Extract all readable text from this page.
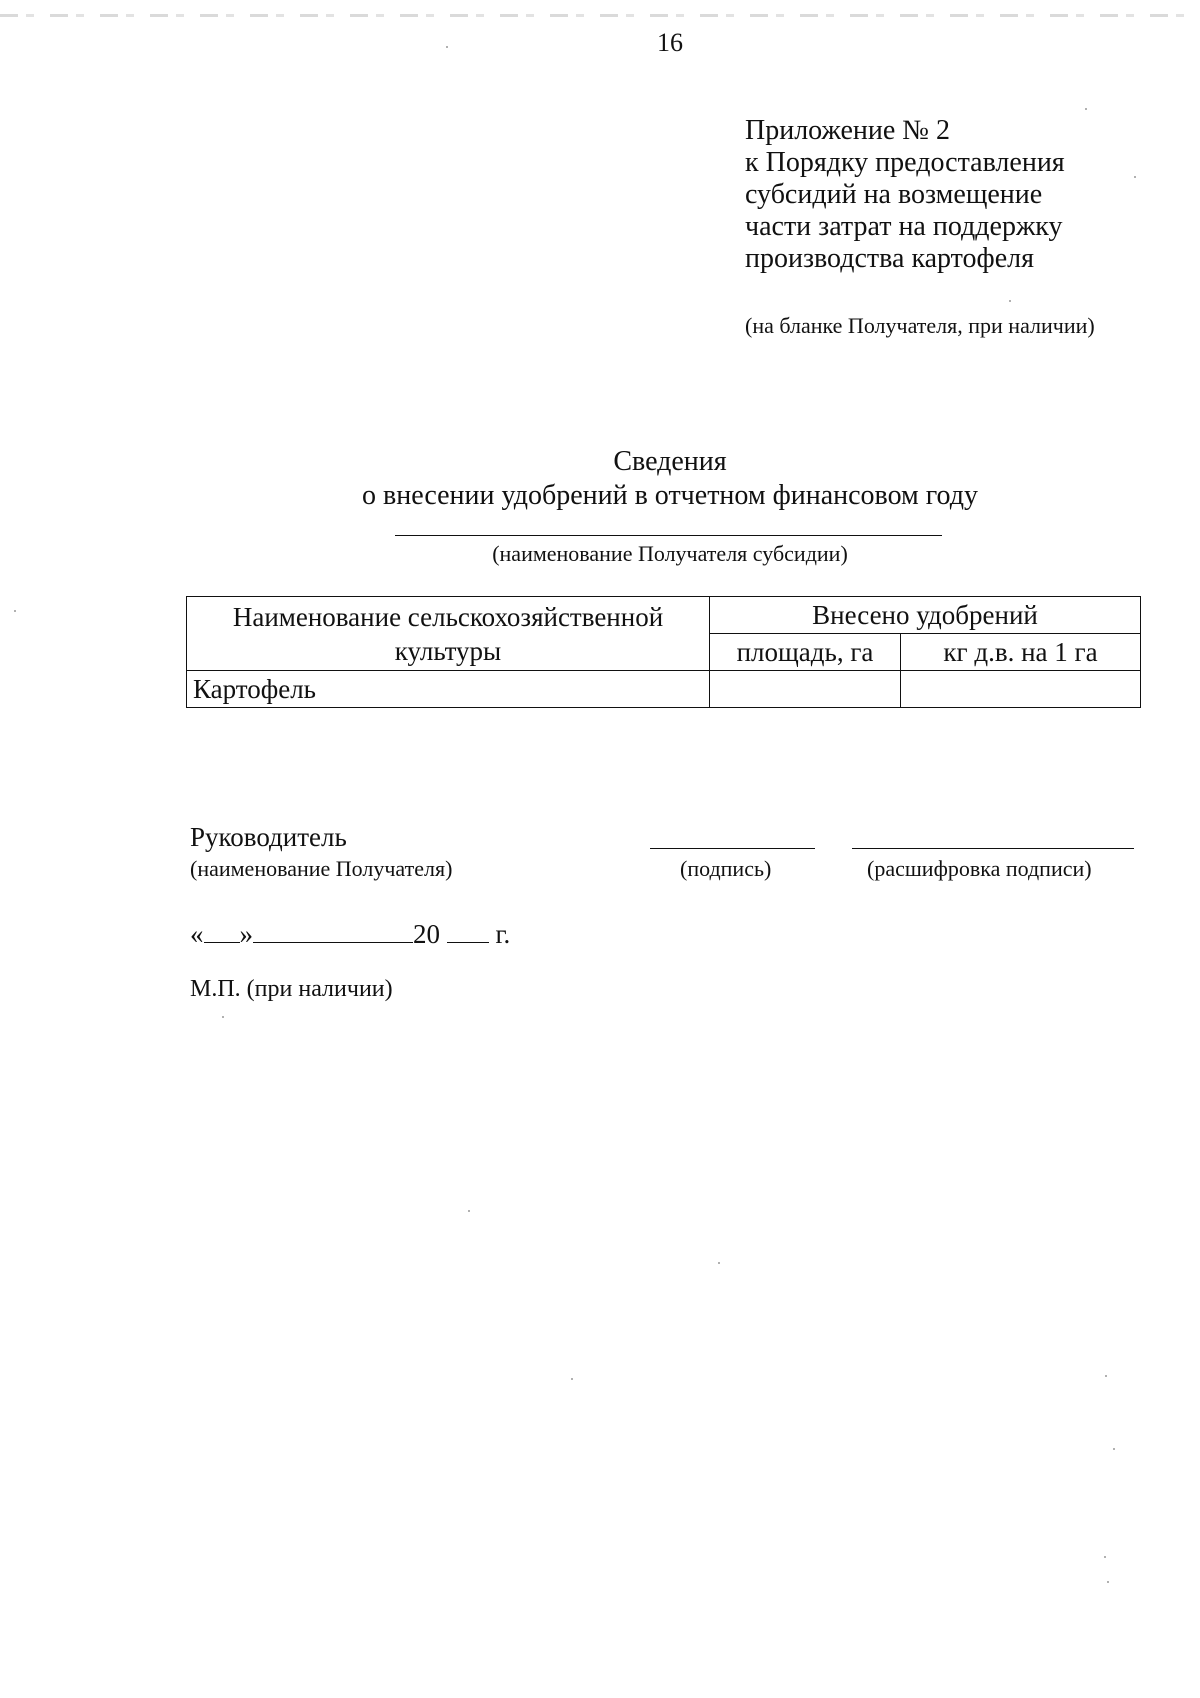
16
Приложение № 2
к Порядку предоставления
субсидий на возмещение
части затрат на поддержку
производства картофеля
(на бланке Получателя, при наличии)
Сведения
о внесении удобрений в отчетном финансовом году
(наименование Получателя субсидии)
Наименование сельскохозяйственной культуры	Внесено удобрений	
	площадь, га	кг д.в. на 1 га
Картофель		
Руководитель
(наименование Получателя)	(подпись)	(расшифровка подписи)
« »	20 г.
М.П. (при наличии)
